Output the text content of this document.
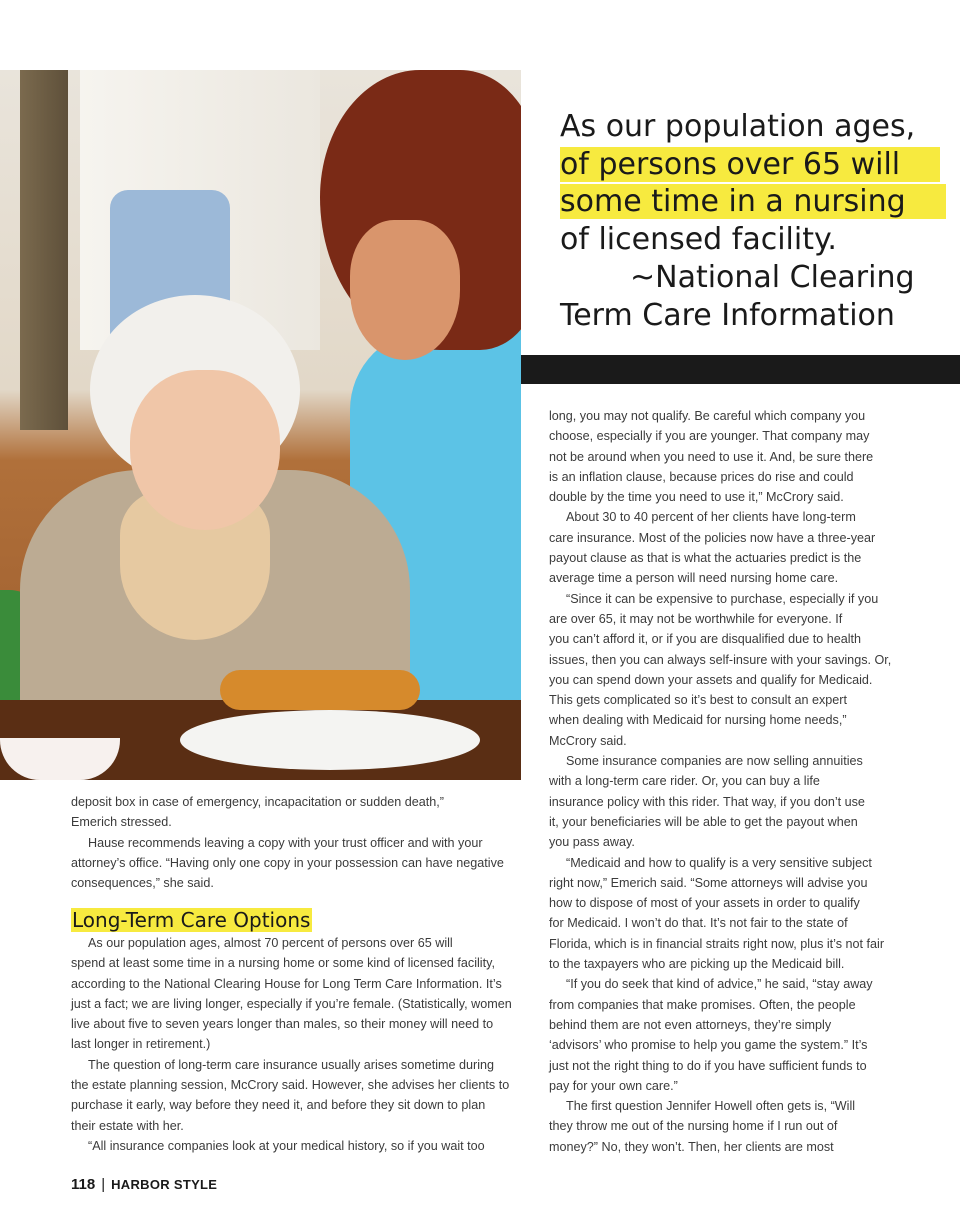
As our population ages,
of persons over 65 will
some time in a nursing
of licensed facility.
~National Clearing
Term Care Information

deposit box in case of emergency, incapacitation or sudden death,”
Emerich stressed.

Hause recommends leaving a copy with your trust officer and with your
attorney’s office. “Having only one copy in your possession can have negative
consequences,” she said.

Long-Term Care Options

As our population ages, almost 70 percent of persons over 65 will
spend at least some time in a nursing home or some kind of licensed facility,
according to the National Clearing House for Long Term Care Information. It’s
just a fact; we are living longer, especially if you’re female. (Statistically, women
live about five to seven years longer than males, so their money will need to
last longer in retirement.)

The question of long-term care insurance usually arises sometime during
the estate planning session, McCrory said. However, she advises her clients to
purchase it early, way before they need it, and before they sit down to plan
their estate with her.

“All insurance companies look at your medical history, so if you wait too

long, you may not qualify. Be careful which company you
choose, especially if you are younger. That company may
not be around when you need to use it. And, be sure there
is an inflation clause, because prices do rise and could
double by the time you need to use it,” McCrory said.

About 30 to 40 percent of her clients have long-term
care insurance. Most of the policies now have a three-year
payout clause as that is what the actuaries predict is the
average time a person will need nursing home care.

“Since it can be expensive to purchase, especially if you
are over 65, it may not be worthwhile for everyone. If
you can’t afford it, or if you are disqualified due to health
issues, then you can always self-insure with your savings. Or,
you can spend down your assets and qualify for Medicaid.
This gets complicated so it’s best to consult an expert
when dealing with Medicaid for nursing home needs,”
McCrory said.

Some insurance companies are now selling annuities
with a long-term care rider. Or, you can buy a life
insurance policy with this rider. That way, if you don’t use
it, your beneficiaries will be able to get the payout when
you pass away.

“Medicaid and how to qualify is a very sensitive subject
right now,” Emerich said. “Some attorneys will advise you
how to dispose of most of your assets in order to qualify
for Medicaid. I won’t do that. It’s not fair to the state of
Florida, which is in financial straits right now, plus it’s not fair
to the taxpayers who are picking up the Medicaid bill.

“If you do seek that kind of advice,” he said, “stay away
from companies that make promises. Often, the people
behind them are not even attorneys, they’re simply
‘advisors’ who promise to help you game the system.” It’s
just not the right thing to do if you have sufficient funds to
pay for your own care.”

The first question Jennifer Howell often gets is, “Will
they throw me out of the nursing home if I run out of
money?” No, they won’t. Then, her clients are most

118 | HARBOR STYLE
